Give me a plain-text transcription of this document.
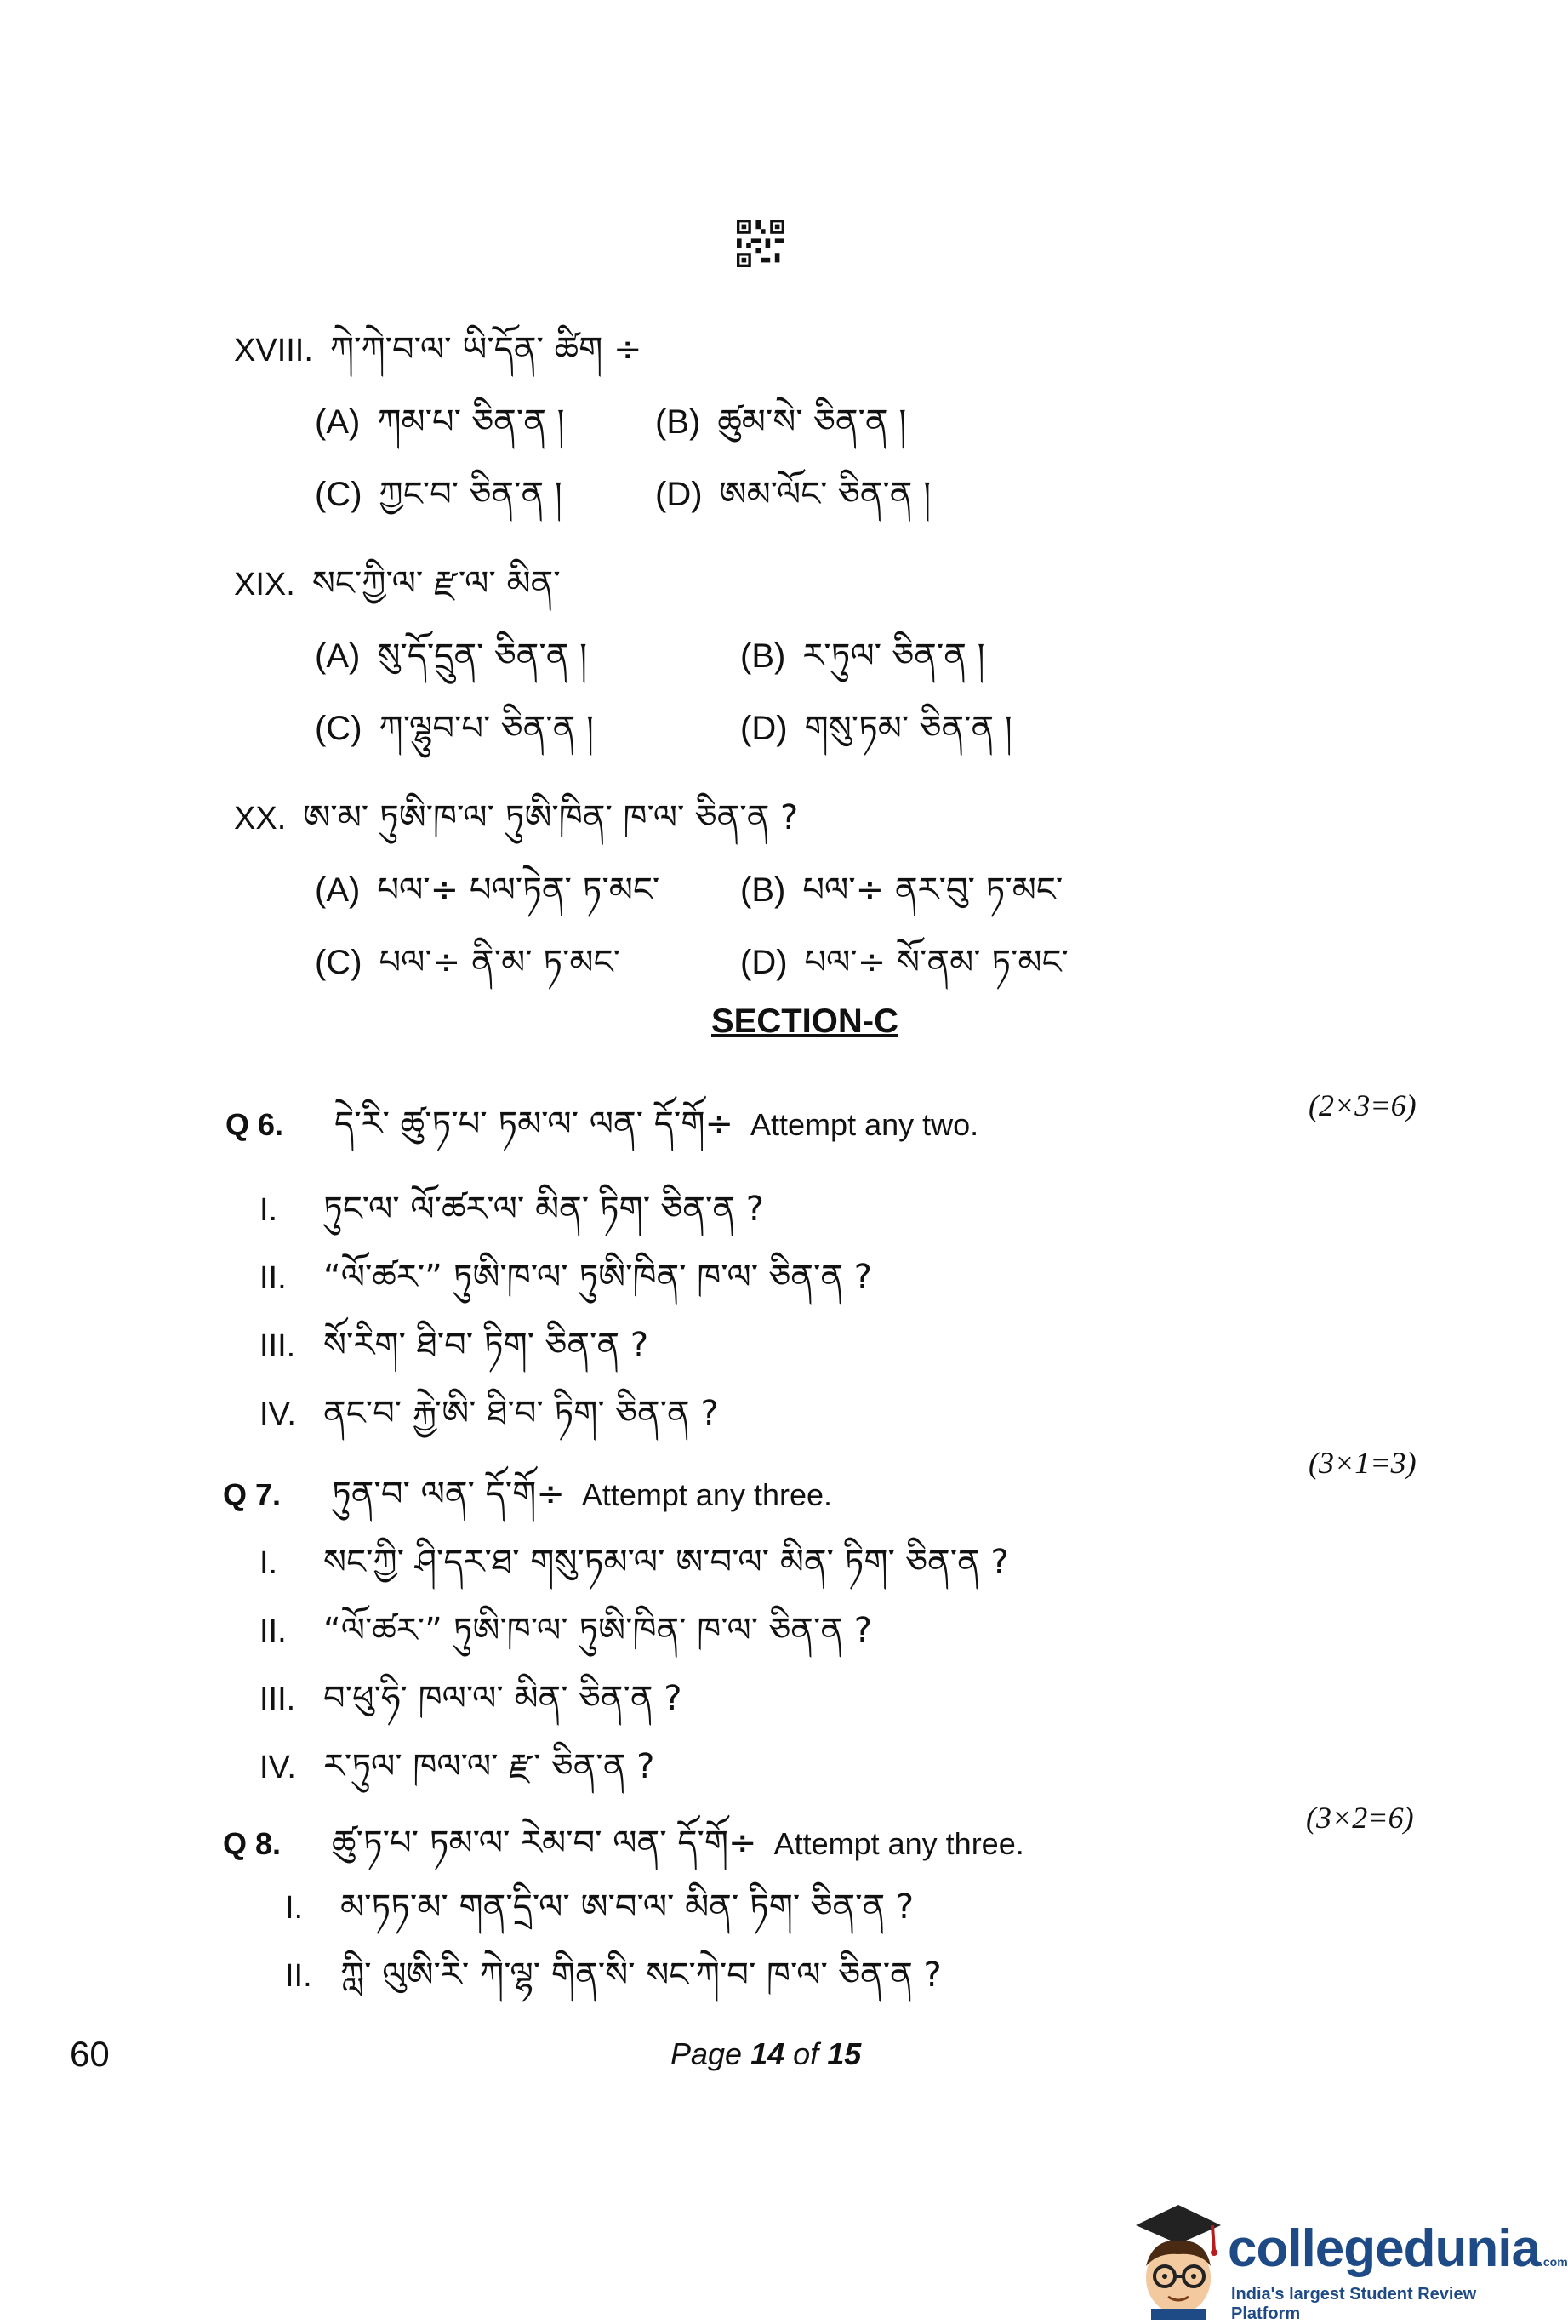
XVIII. ཀེ་ཀེ་བ་ལ་ ཡི་དོན་ ཚིག ÷
(A) ཀམ་པ་ ཅིན་ན །	(B) ཚུམ་སེ་ ཅིན་ན །
(C) ཀྱང་བ་ ཅིན་ན །	(D) ཨམ་ལོང་ ཅིན་ན །
XIX. སང་ཀྱི་ལ་ རྫ་ལ་ མིན་
(A) སུ་དོ་དྲུན་ ཅིན་ན །	(B) ར་ཏུལ་ ཅིན་ན །
(C) ཀ་ལྷུབ་པ་ ཅིན་ན །	(D) གསུ་ཏམ་ ཅིན་ན །
XX. ཨ་མ་ ཏུཨི་ཁ་ལ་ ཏུཨི་ཁིན་ ཁ་ལ་ ཅིན་ན ?
(A) པལ་÷ པལ་ཏེན་ ཏ་མང་ (B) པལ་÷ ནར་བུ་ ཏ་མང་
(C) པལ་÷ ནི་མ་ ཏ་མང་	(D) པལ་÷ སོ་ནམ་ ཏ་མང་
SECTION-C
Q 6. དེ་རི་ ཚུ་ཏ་པ་ ཏམ་ལ་ ལན་ དོ་གོ÷ Attempt any two.
(2×3=6)
I.	ཏུང་ལ་ ལོ་ཚར་ལ་ མིན་ ཏིག་ ཅིན་ན ?
II.	“ལོ་ཚར་” ཏུཨི་ཁ་ལ་ ཏུཨི་ཁིན་ ཁ་ལ་ ཅིན་ན ?
III. སོ་རིག་ ཐི་བ་ ཏིག་ ཅིན་ན ?
IV. ནང་བ་ རྐྱེ་ཨི་ ཐི་བ་ ཏིག་ ཅིན་ན ?
Q 7. ཏུན་བ་ ལན་ དོ་གོ÷ Attempt any three.
(3×1=3)
I.	སང་ཀྱི་ ཤི་དར་ཐ་ གསུ་ཏམ་ལ་ ཨ་བ་ལ་ མིན་ ཏིག་ ཅིན་ན ?
II.	“ལོ་ཚར་” ཏུཨི་ཁ་ལ་ ཏུཨི་ཁིན་ ཁ་ལ་ ཅིན་ན ?
III. བ་ཕུ་ཧི་ ཁལ་ལ་ མིན་ ཅིན་ན ?
IV. ར་ཏུལ་ ཁལ་ལ་ རྫ་ ཅིན་ན ?
Q 8. ཚུ་ཏ་པ་ ཏམ་ལ་ རེམ་བ་ ལན་ དོ་གོ÷ Attempt any three.
(3×2=6)
I.	མ་ཏཏ་མ་ གན་དྲི་ལ་ ཨ་བ་ལ་ མིན་ ཏིག་ ཅིན་ན ?
II. ཀླི་ ལུཨི་རི་ ཀེ་ལྷ་ གིན་སི་ སང་ཀེ་བ་ ཁ་ལ་ ཅིན་ན ?
60	Page 14 of 15
collegedunia.com
India's largest Student Review Platform
